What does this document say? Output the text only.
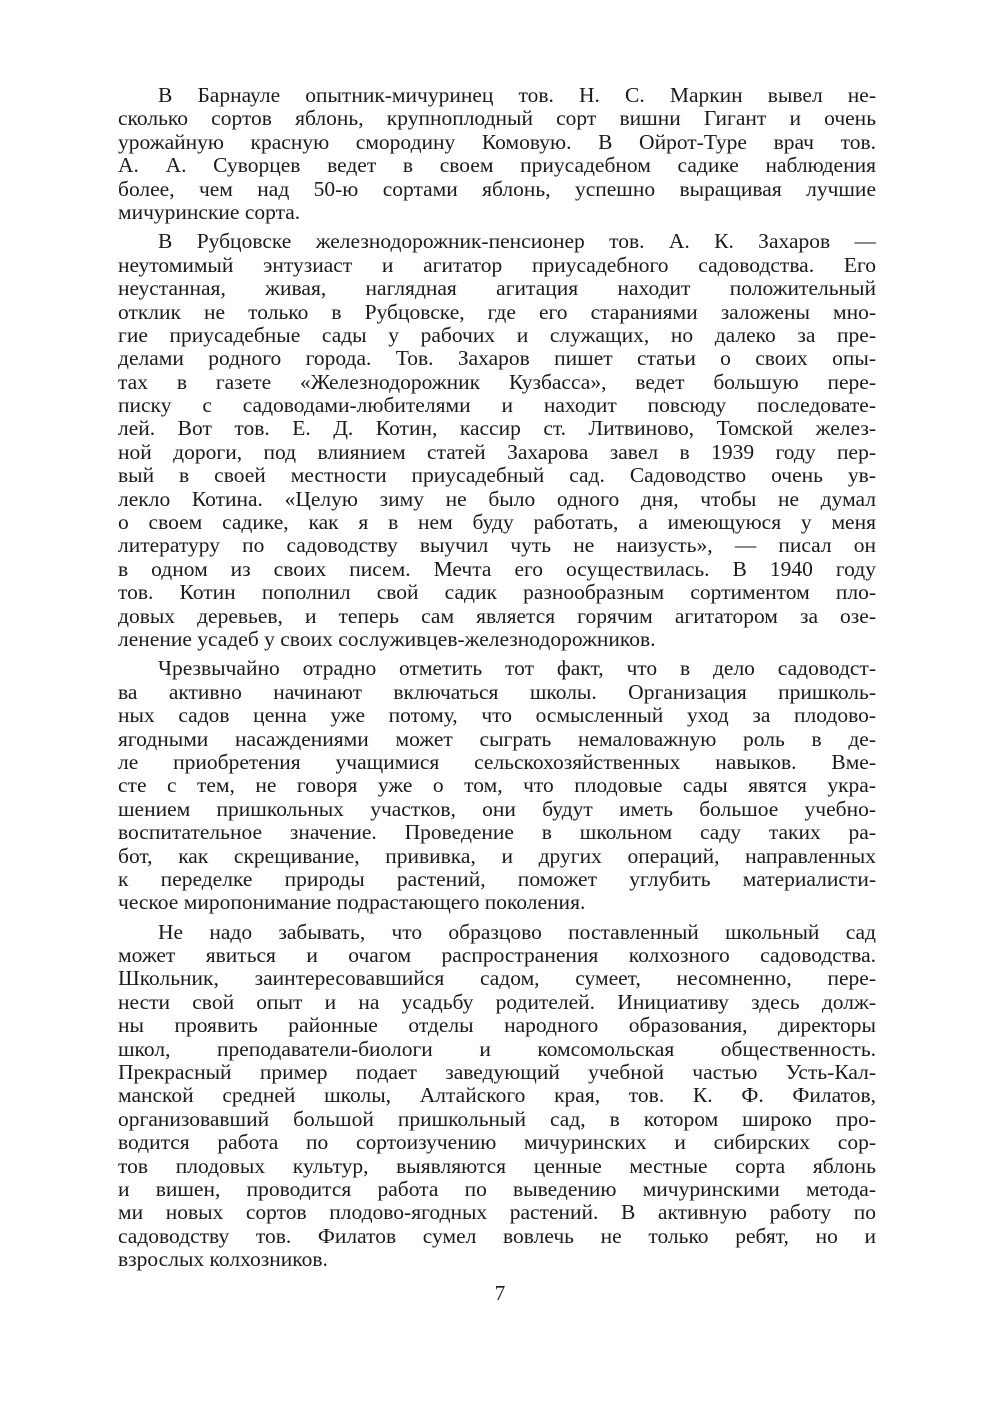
В Барнауле опытник-мичуринец тов. Н. С. Маркин вывел не-
сколько сортов яблонь, крупноплодный сорт вишни Гигант и очень
урожайную красную смородину Комовую. В Ойрот-Туре врач тов.
А. А. Суворцев ведет в своем приусадебном садике наблюдения
более, чем над 50-ю сортами яблонь, успешно выращивая лучшие
мичуринские сорта.
В Рубцовске железнодорожник-пенсионер тов. А. К. Захаров —
неутомимый энтузиаст и агитатор приусадебного садоводства. Его
неустанная, живая, наглядная агитация находит положительный
отклик не только в Рубцовске, где его стараниями заложены мно-
гие приусадебные сады у рабочих и служащих, но далеко за пре-
делами родного города. Тов. Захаров пишет статьи о своих опы-
тах в газете «Железнодорожник Кузбасса», ведет большую пере-
писку с садоводами-любителями и находит повсюду последовате-
лей. Вот тов. Е. Д. Котин, кассир ст. Литвиново, Томской желез-
ной дороги, под влиянием статей Захарова завел в 1939 году пер-
вый в своей местности приусадебный сад. Садоводство очень ув-
лекло Котина. «Целую зиму не было одного дня, чтобы не думал
о своем садике, как я в нем буду работать, а имеющуюся у меня
литературу по садоводству выучил чуть не наизусть», — писал он
в одном из своих писем. Мечта его осуществилась. В 1940 году
тов. Котин пополнил свой садик разнообразным сортиментом пло-
довых деревьев, и теперь сам является горячим агитатором за озе-
ленение усадеб у своих сослуживцев-железнодорожников.
Чрезвычайно отрадно отметить тот факт, что в дело садоводст-
ва активно начинают включаться школы. Организация пришколь-
ных садов ценна уже потому, что осмысленный уход за плодово-
ягодными насаждениями может сыграть немаловажную роль в де-
ле приобретения учащимися сельскохозяйственных навыков. Вме-
сте с тем, не говоря уже о том, что плодовые сады явятся укра-
шением пришкольных участков, они будут иметь большое учебно-
воспитательное значение. Проведение в школьном саду таких ра-
бот, как скрещивание, прививка, и других операций, направленных
к переделке природы растений, поможет углубить материалисти-
ческое миропонимание подрастающего поколения.
Не надо забывать, что образцово поставленный школьный сад
может явиться и очагом распространения колхозного садоводства.
Школьник, заинтересовавшийся садом, сумеет, несомненно, пере-
нести свой опыт и на усадьбу родителей. Инициативу здесь долж-
ны проявить районные отделы народного образования, директоры
школ, преподаватели-биологи и комсомольская общественность.
Прекрасный пример подает заведующий учебной частью Усть-Кал-
манской средней школы, Алтайского края, тов. К. Ф. Филатов,
организовавший большой пришкольный сад, в котором широко про-
водится работа по сортоизучению мичуринских и сибирских сор-
тов плодовых культур, выявляются ценные местные сорта яблонь
и вишен, проводится работа по выведению мичуринскими метода-
ми новых сортов плодово-ягодных растений. В активную работу по
садоводству тов. Филатов сумел вовлечь не только ребят, но и
взрослых колхозников.
7
